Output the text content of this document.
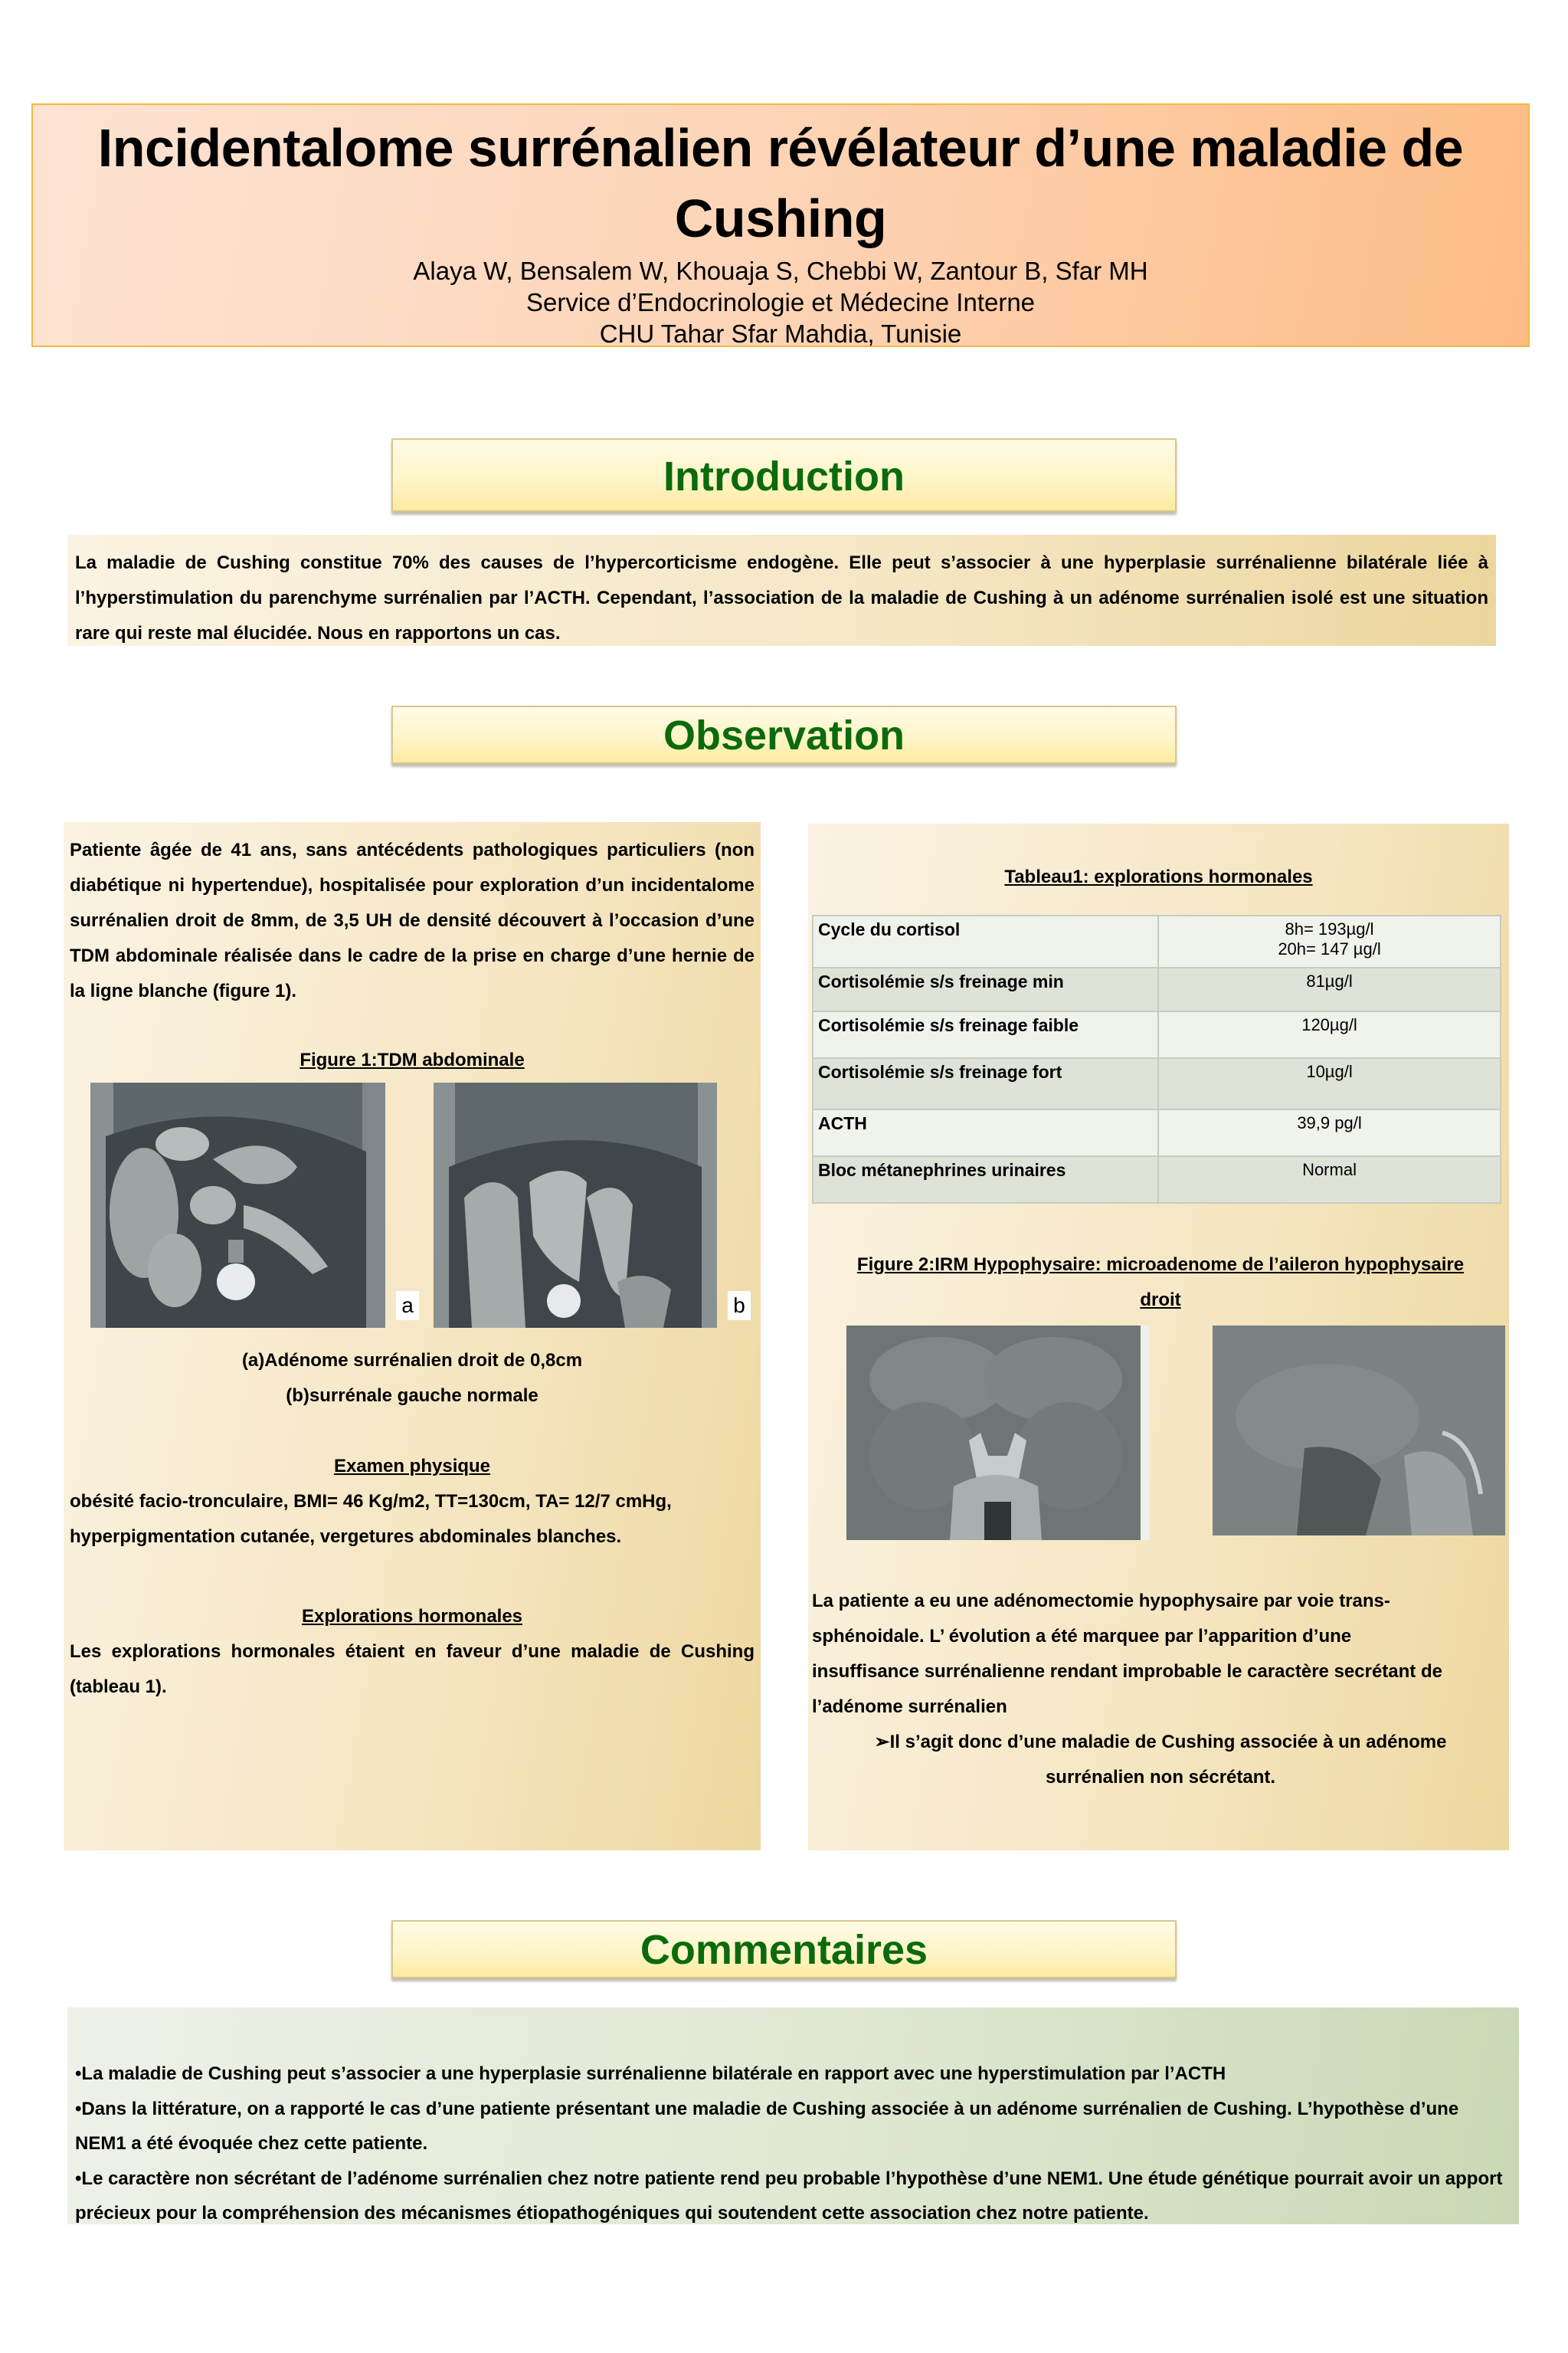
Incidentalome surrénalien révélateur d’une maladie de Cushing
Alaya W, Bensalem W, Khouaja S, Chebbi W, Zantour B, Sfar MH
Service d’Endocrinologie et Médecine Interne
CHU Tahar Sfar Mahdia, Tunisie
Introduction
La maladie de Cushing constitue 70% des causes de l’hypercorticisme endogène. Elle peut s’associer à une hyperplasie surrénalienne bilatérale liée à l’hyperstimulation du parenchyme surrénalien par l’ACTH. Cependant, l’association de la maladie de Cushing à un adénome surrénalien isolé est une situation rare qui reste mal élucidée. Nous en rapportons un cas.
Observation
Patiente âgée de 41 ans, sans antécédents pathologiques particuliers (non diabétique ni hypertendue), hospitalisée pour exploration d’un incidentalome surrénalien droit de 8mm, de 3,5 UH de densité découvert à l’occasion d’une TDM abdominale réalisée dans le cadre de la prise en charge d’une hernie de la ligne blanche (figure 1).
Figure 1:TDM abdominale
a	b
(a)Adénome surrénalien droit de 0,8cm
(b)surrénale gauche normale
Examen physique
obésité facio-tronculaire, BMI= 46 Kg/m2, TT=130cm, TA= 12/7 cmHg, hyperpigmentation cutanée, vergetures abdominales blanches.
Explorations hormonales
Les explorations hormonales étaient en faveur d’une maladie de Cushing (tableau 1).
Tableau1: explorations hormonales
Cycle du cortisol	8h= 193µg/l
20h= 147 µg/l

Cortisolémie s/s freinage min	81µg/l
Cortisolémie s/s freinage faible	120µg/l
Cortisolémie s/s freinage fort	10µg/l
ACTH	39,9 pg/l
Bloc métanephrines urinaires	Normal
Figure 2:IRM Hypophysaire: microadenome de l’aileron hypophysaire
droit
La patiente a eu une adénomectomie hypophysaire par voie trans-sphénoidale. L’ évolution a été marquee par l’apparition d’une insuffisance surrénalienne rendant improbable le caractère secrétant de l’adénome surrénalien
➢Il s’agit donc d’une maladie de Cushing associée à un adénome surrénalien non sécrétant.
Commentaires
•La maladie de Cushing peut s’associer a une hyperplasie surrénalienne bilatérale en rapport avec une hyperstimulation par l’ACTH
•Dans la littérature, on a rapporté le cas d’une patiente présentant une maladie de Cushing associée à un adénome surrénalien de Cushing. L’hypothèse d’une NEM1 a été évoquée chez cette patiente.
•Le caractère non sécrétant de l’adénome surrénalien chez notre patiente rend peu probable l’hypothèse d’une NEM1. Une étude génétique pourrait avoir un apport précieux pour la compréhension des mécanismes étiopathogéniques qui soutendent cette association chez notre patiente.
